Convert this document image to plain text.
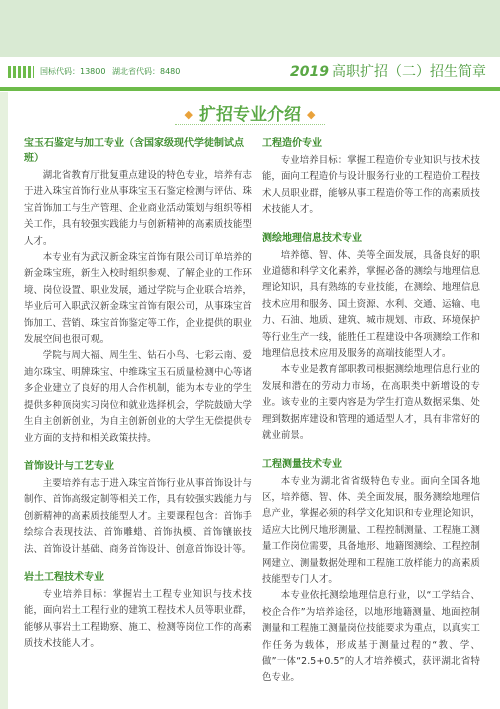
国标代码：13800 湖北省代码：8480	2019 高职扩招（二）招生简章
◆ 扩招专业介绍 ◆
宝玉石鉴定与加工专业（含国家级现代学徒制试点班）

湖北省教育厅批复重点建设的特色专业，培养有志于进入珠宝首饰行业从事珠宝玉石鉴定检测与评估、珠宝首饰加工与生产管理、企业商业活动策划与组织等相关工作，具有较强实践能力与创新精神的高素质技能型人才。

本专业有为武汉新金珠宝首饰有限公司订单培养的新金珠宝班，新生入校时组织参观、了解企业的工作环境、岗位设置、职业发展，通过学院与企业联合培养，毕业后可入职武汉新金珠宝首饰有限公司，从事珠宝首饰加工、营销、珠宝首饰鉴定等工作，企业提供的职业发展空间也很可观。

学院与周大福、周生生、钻石小鸟、七彩云南、爱迪尔珠宝、明牌珠宝、中维珠宝玉石质量检测中心等诸多企业建立了良好的用人合作机制，能为本专业的学生提供多种顶岗实习岗位和就业选择机会，学院鼓励大学生自主创新创业，为自主创新创业的大学生无偿提供专业方面的支持和相关政策扶持。

首饰设计与工艺专业

主要培养有志于进入珠宝首饰行业从事首饰设计与制作、首饰高级定制等相关工作，具有较强实践能力与创新精神的高素质技能型人才。主要课程包含：首饰手绘综合表现技法、首饰雕蜡、首饰执模、首饰镶嵌技法、首饰设计基础、商务首饰设计、创意首饰设计等。

岩土工程技术专业

专业培养目标：掌握岩土工程专业知识与技术技能，面向岩土工程行业的建筑工程技术人员等职业群，能够从事岩土工程勘察、施工、检测等岗位工作的高素质技术技能人才。

工程造价专业

专业培养目标：掌握工程造价专业知识与技术技能，面向工程造价与设计服务行业的工程造价工程技术人员职业群，能够从事工程造价等工作的高素质技术技能人才。

测绘地理信息技术专业

培养德、智、体、美等全面发展，具备良好的职业道德和科学文化素养，掌握必备的测绘与地理信息理论知识，具有熟练的专业技能，在测绘、地理信息技术应用和服务、国土资源、水利、交通、运输、电力、石油、地质、建筑、城市规划、市政、环境保护等行业生产一线，能胜任工程建设中各项测绘工作和地理信息技术应用及服务的高端技能型人才。

本专业是教育部职教司根据测绘地理信息行业的发展和潜在的劳动力市场，在高职类中新增设的专业。该专业的主要内容是为学生打造从数据采集、处理到数据库建设和管理的通适型人才，具有非常好的就业前景。

工程测量技术专业

本专业为湖北省省级特色专业。面向全国各地区，培养德、智、体、美全面发展，服务测绘地理信息产业，掌握必须的科学文化知识和专业理论知识，适应大比例尺地形测量、工程控制测量、工程施工测量工作岗位需要，具备地形、地籍图测绘、工程控制网建立、测量数据处理和工程施工放样能力的高素质技能型专门人才。

本专业依托测绘地理信息行业，以“工学结合、校企合作”为培养途径，以地形地籍测量、地面控制测量和工程施工测量岗位技能要求为重点，以真实工作任务为载体，形成基于测量过程的“教、学、做”一体“2.5+0.5”的人才培养模式，获评湖北省特色专业。
